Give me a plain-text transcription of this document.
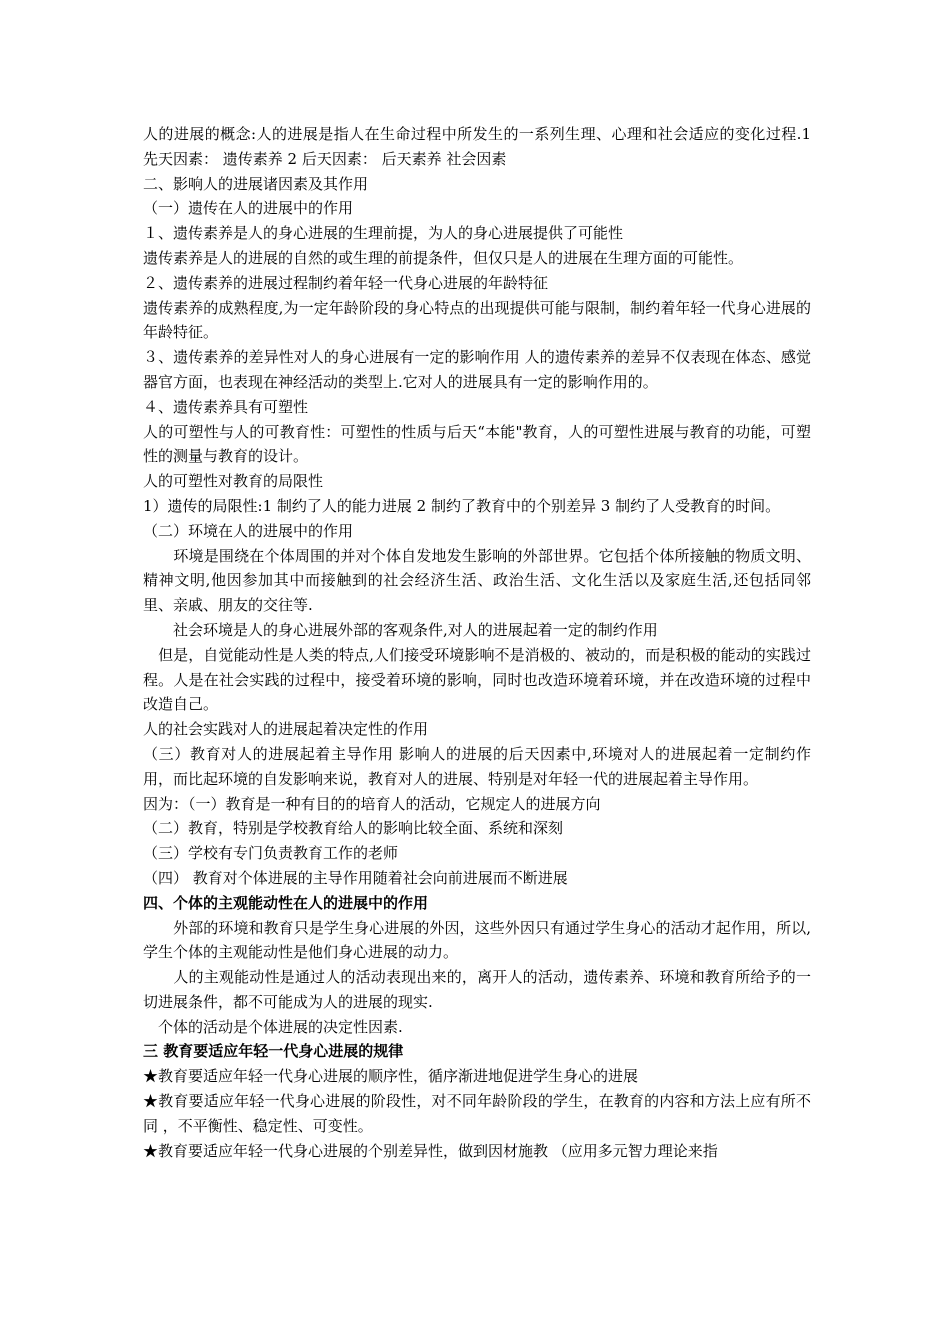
人的进展的概念:人的进展是指人在生命过程中所发生的一系列生理、心理和社会适应的变化过程.1 先天因素： 遗传素养 2 后天因素： 后天素养 社会因素

二、影响人的进展诸因素及其作用

（一）遗传在人的进展中的作用

１、遗传素养是人的身心进展的生理前提，为人的身心进展提供了可能性

遗传素养是人的进展的自然的或生理的前提条件，但仅只是人的进展在生理方面的可能性。

２、遗传素养的进展过程制约着年轻一代身心进展的年龄特征

遗传素养的成熟程度,为一定年龄阶段的身心特点的出现提供可能与限制，制约着年轻一代身心进展的年龄特征。

３、遗传素养的差异性对人的身心进展有一定的影响作用 人的遗传素养的差异不仅表现在体态、感觉器官方面，也表现在神经活动的类型上.它对人的进展具有一定的影响作用的。

４、遗传素养具有可塑性

人的可塑性与人的可教育性：可塑性的性质与后天“本能"教育，人的可塑性进展与教育的功能，可塑性的测量与教育的设计。

人的可塑性对教育的局限性

1）遗传的局限性:1 制约了人的能力进展 2 制约了教育中的个别差异 3 制约了人受教育的时间。

（二）环境在人的进展中的作用

　　环境是围绕在个体周围的并对个体自发地发生影响的外部世界。它包括个体所接触的物质文明、精神文明,他因参加其中而接触到的社会经济生活、政治生活、文化生活以及家庭生活,还包括同邻里、亲戚、朋友的交往等.

　　社会环境是人的身心进展外部的客观条件,对人的进展起着一定的制约作用

　但是，自觉能动性是人类的特点,人们接受环境影响不是消极的、被动的，而是积极的能动的实践过程。人是在社会实践的过程中，接受着环境的影响，同时也改造环境着环境，并在改造环境的过程中改造自己。

人的社会实践对人的进展起着决定性的作用

（三）教育对人的进展起着主导作用 影响人的进展的后天因素中,环境对人的进展起着一定制约作用，而比起环境的自发影响来说，教育对人的进展、特别是对年轻一代的进展起着主导作用。

因为：（一）教育是一种有目的的培育人的活动，它规定人的进展方向

（二）教育，特别是学校教育给人的影响比较全面、系统和深刻

（三）学校有专门负责教育工作的老师

（四） 教育对个体进展的主导作用随着社会向前进展而不断进展

四、个体的主观能动性在人的进展中的作用

　　外部的环境和教育只是学生身心进展的外因，这些外因只有通过学生身心的活动才起作用，所以,学生个体的主观能动性是他们身心进展的动力。

　　人的主观能动性是通过人的活动表现出来的，离开人的活动，遗传素养、环境和教育所给予的一切进展条件，都不可能成为人的进展的现实.

　个体的活动是个体进展的决定性因素.

三 教育要适应年轻一代身心进展的规律

★教育要适应年轻一代身心进展的顺序性，循序渐进地促进学生身心的进展

★教育要适应年轻一代身心进展的阶段性，对不同年龄阶段的学生，在教育的内容和方法上应有所不同 ，不平衡性、稳定性、可变性。

★教育要适应年轻一代身心进展的个别差异性，做到因材施教 （应用多元智力理论来指
